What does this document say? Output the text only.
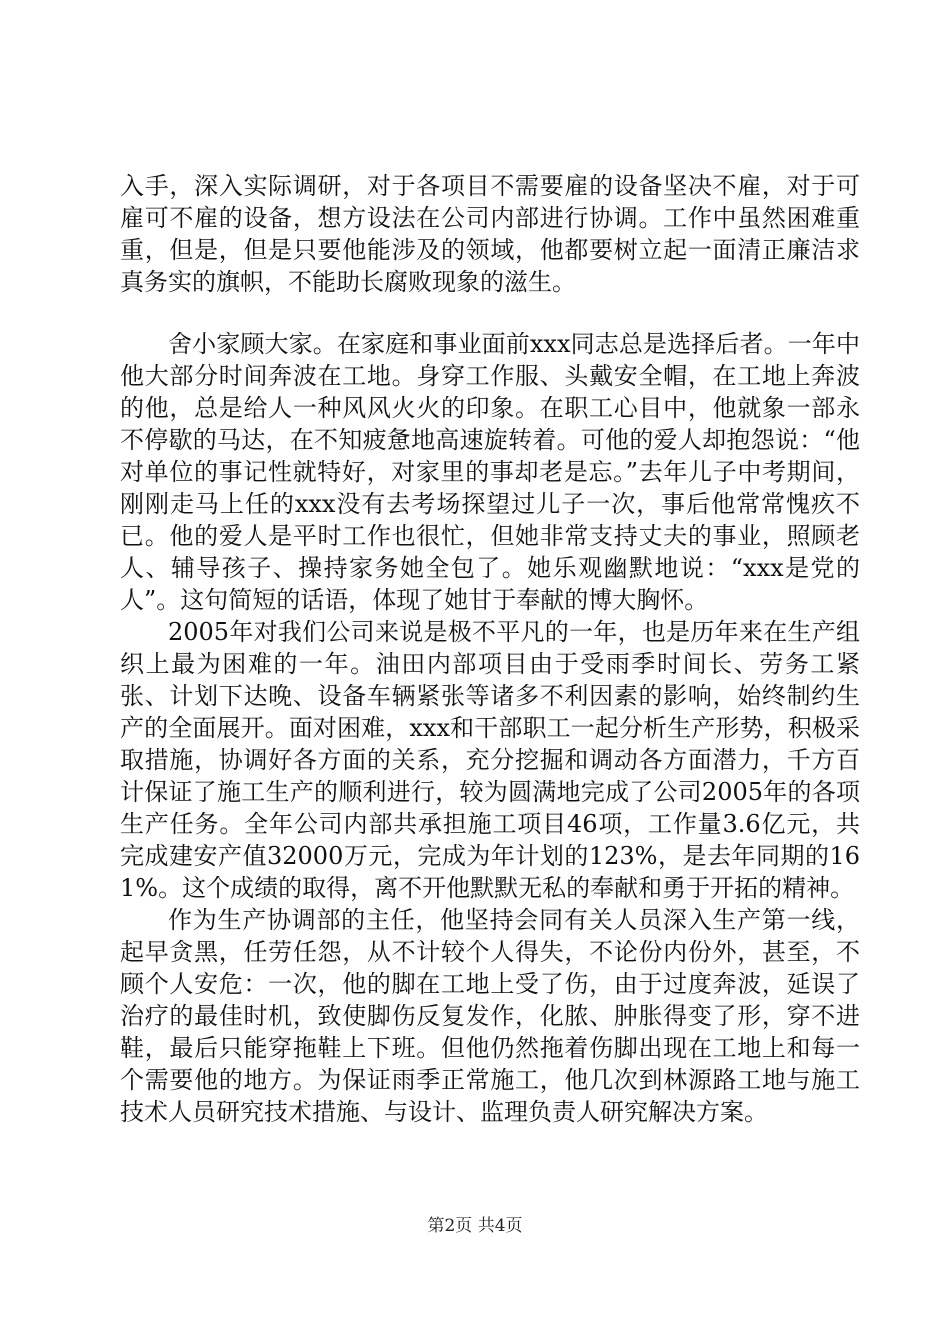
入手，深入实际调研，对于各项目不需要雇的设备坚决不雇，对于可雇可不雇的设备，想方设法在公司内部进行协调。工作中虽然困难重重，但是，但是只要他能涉及的领域，他都要树立起一面清正廉洁求真务实的旗帜，不能助长腐败现象的滋生。

舍小家顾大家。在家庭和事业面前xxx同志总是选择后者。一年中他大部分时间奔波在工地。身穿工作服、头戴安全帽，在工地上奔波的他，总是给人一种风风火火的印象。在职工心目中，他就象一部永不停歇的马达，在不知疲惫地高速旋转着。可他的爱人却抱怨说：“他对单位的事记性就特好，对家里的事却老是忘。”去年儿子中考期间，刚刚走马上任的xxx没有去考场探望过儿子一次，事后他常常愧疚不已。他的爱人是平时工作也很忙，但她非常支持丈夫的事业，照顾老人、辅导孩子、操持家务她全包了。她乐观幽默地说：“xxx是党的人”。这句简短的话语，体现了她甘于奉献的博大胸怀。

2005年对我们公司来说是极不平凡的一年，也是历年来在生产组织上最为困难的一年。油田内部项目由于受雨季时间长、劳务工紧张、计划下达晚、设备车辆紧张等诸多不利因素的影响，始终制约生产的全面展开。面对困难，xxx和干部职工一起分析生产形势，积极采取措施，协调好各方面的关系，充分挖掘和调动各方面潜力，千方百计保证了施工生产的顺利进行，较为圆满地完成了公司2005年的各项生产任务。全年公司内部共承担施工项目46项，工作量3.6亿元，共完成建安产值32000万元，完成为年计划的123%，是去年同期的161%。这个成绩的取得，离不开他默默无私的奉献和勇于开拓的精神。

作为生产协调部的主任，他坚持会同有关人员深入生产第一线，起早贪黑，任劳任怨，从不计较个人得失，不论份内份外，甚至，不顾个人安危：一次，他的脚在工地上受了伤，由于过度奔波，延误了治疗的最佳时机，致使脚伤反复发作，化脓、肿胀得变了形，穿不进鞋，最后只能穿拖鞋上下班。但他仍然拖着伤脚出现在工地上和每一个需要他的地方。为保证雨季正常施工，他几次到林源路工地与施工技术人员研究技术措施、与设计、监理负责人研究解决方案。

第2页 共4页
